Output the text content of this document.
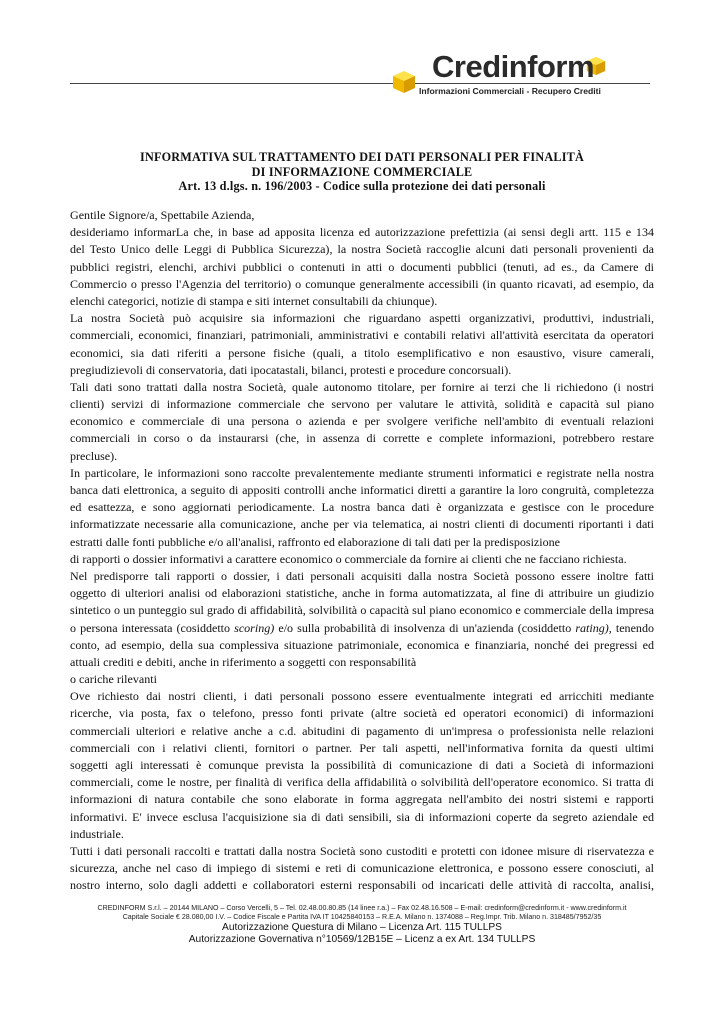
Credinform
Informazioni Commerciali - Recupero Crediti
INFORMATIVA SUL TRATTAMENTO DEI DATI PERSONALI PER FINALITÀ
DI INFORMAZIONE COMMERCIALE
Art. 13 d.lgs. n. 196/2003 - Codice sulla protezione dei dati personali
Gentile Signore/a, Spettabile Azienda,
desideriamo informarLa che, in base ad apposita licenza ed autorizzazione prefettizia (ai sensi degli artt. 115 e 134
del Testo Unico delle Leggi di Pubblica Sicurezza), la nostra Società raccoglie alcuni dati personali provenienti da
pubblici registri, elenchi, archivi pubblici o contenuti in atti o documenti pubblici (tenuti, ad es., da Camere di
Commercio o presso l'Agenzia del territorio) o comunque generalmente accessibili (in quanto ricavati, ad esempio, da
elenchi categorici, notizie di stampa e siti internet consultabili da chiunque).
La nostra Società può acquisire sia informazioni che riguardano aspetti organizzativi, produttivi, industriali,
commerciali, economici, finanziari, patrimoniali, amministrativi e contabili relativi all'attività esercitata da operatori
economici, sia dati riferiti a persone fisiche (quali, a titolo esemplificativo e non esaustivo, visure camerali,
pregiudizievoli di conservatoria, dati ipocatastali, bilanci, protesti e procedure concorsuali).
Tali dati sono trattati dalla nostra Società, quale autonomo titolare, per fornire ai terzi che li richiedono (i nostri
clienti) servizi di informazione commerciale che servono per valutare le attività, solidità e capacità sul piano
economico e commerciale di una persona o azienda e per svolgere verifiche nell'ambito di eventuali relazioni
commerciali in corso o da instaurarsi (che, in assenza di corrette e complete informazioni, potrebbero restare
precluse).
In particolare, le informazioni sono raccolte prevalentemente mediante strumenti informatici e registrate nella nostra
banca dati elettronica, a seguito di appositi controlli anche informatici diretti a garantire la loro congruità, completezza
ed esattezza, e sono aggiornati periodicamente. La nostra banca dati è organizzata e gestisce con le procedure
informatizzate necessarie alla comunicazione, anche per via telematica, ai nostri clienti di documenti riportanti i dati
estratti dalle fonti pubbliche e/o all'analisi, raffronto ed elaborazione di tali dati per la predisposizione
di rapporti o dossier informativi a carattere economico o commerciale da fornire ai clienti che ne facciano richiesta.
Nel predisporre tali rapporti o dossier, i dati personali acquisiti dalla nostra Società possono essere inoltre fatti
oggetto di ulteriori analisi od elaborazioni statistiche, anche in forma automatizzata, al fine di attribuire un giudizio
sintetico o un punteggio sul grado di affidabilità, solvibilità o capacità sul piano economico e commerciale della impresa
o persona interessata (cosiddetto scoring) e/o sulla probabilità di insolvenza di un'azienda (cosiddetto rating), tenendo
conto, ad esempio, della sua complessiva situazione patrimoniale, economica e finanziaria, nonché dei pregressi ed
attuali crediti e debiti, anche in riferimento a soggetti con responsabilità
o cariche rilevanti
Ove richiesto dai nostri clienti, i dati personali possono essere eventualmente integrati ed arricchiti mediante
ricerche, via posta, fax o telefono, presso fonti private (altre società ed operatori economici) di informazioni
commerciali ulteriori e relative anche a c.d. abitudini di pagamento di un'impresa o professionista nelle relazioni
commerciali con i relativi clienti, fornitori o partner. Per tali aspetti, nell'informativa fornita da questi ultimi
soggetti agli interessati è comunque prevista la possibilità di comunicazione di dati a Società di informazioni
commerciali, come le nostre, per finalità di verifica della affidabilità o solvibilità dell'operatore economico. Si tratta di
informazioni di natura contabile che sono elaborate in forma aggregata nell'ambito dei nostri sistemi e rapporti
informativi. E' invece esclusa l'acquisizione sia di dati sensibili, sia di informazioni coperte da segreto aziendale ed
industriale.
Tutti i dati personali raccolti e trattati dalla nostra Società sono custoditi e protetti con idonee misure di riservatezza e
sicurezza, anche nel caso di impiego di sistemi e reti di comunicazione elettronica, e possono essere conosciuti, al
nostro interno, solo dagli addetti e collaboratori esterni responsabili od incaricati delle attività di raccolta, analisi,
CREDINFORM S.r.l. – 20144 MILANO – Corso Vercelli, 5 – Tel. 02.48.00.80.85 (14 linee r.a.) – Fax 02.48.16.508 – E-mail: credinform@credinform.it - www.credinform.it
Capitale Sociale € 28.080,00 I.V. – Codice Fiscale e Partita IVA IT 10425840153 – R.E.A. Milano n. 1374088 – Reg.Impr. Trib. Milano n. 318485/7952/35
Autorizzazione Questura di Milano – Licenza Art. 115 TULLPS
Autorizzazione Governativa n°10569/12B15E – Licenz a ex Art. 134 TULLPS
